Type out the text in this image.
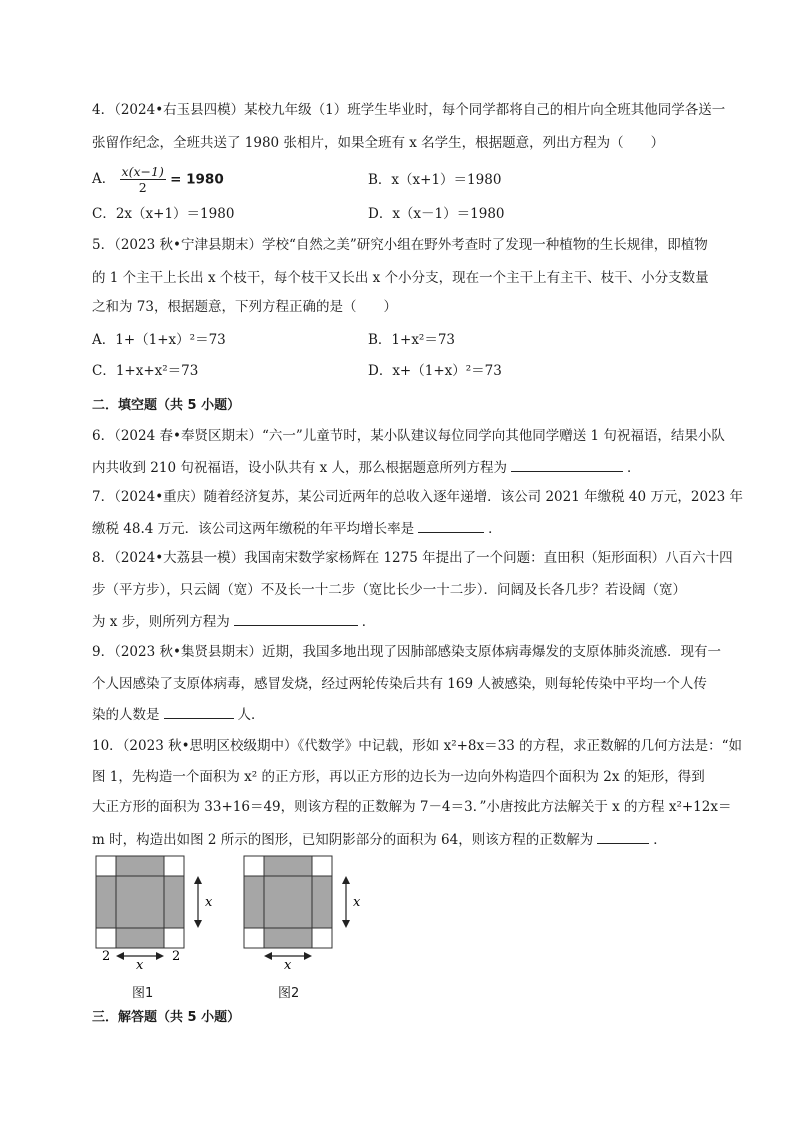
4．（2024•右玉县四模）某校九年级（1）班学生毕业时，每个同学都将自己的相片向全班其他同学各送一
张留作纪念，全班共送了 1980 张相片，如果全班有 x 名学生，根据题意，列出方程为（　　）
A． $\frac{x(x-1)}{2} = 1980$	B．x（x+1）＝1980
C．2x（x+1）＝1980	D．x（x－1）＝1980
5．（2023 秋•宁津县期末）学校“自然之美”研究小组在野外考查时了发现一种植物的生长规律，即植物
的 1 个主干上长出 x 个枝干，每个枝干又长出 x 个小分支，现在一个主干上有主干、枝干、小分支数量
之和为 73，根据题意，下列方程正确的是（　　）
A．1+（1+x）²＝73	B．1+x²＝73
C．1+x+x²＝73	D．x+（1+x）²＝73
二．填空题（共 5 小题）
6．（2024 春•奉贤区期末）“六一”儿童节时，某小队建议每位同学向其他同学赠送 1 句祝福语，结果小队
内共收到 210 句祝福语，设小队共有 x 人，那么根据题意所列方程为	．
7．（2024•重庆）随着经济复苏，某公司近两年的总收入逐年递增．该公司 2021 年缴税 40 万元，2023 年
缴税 48.4 万元．该公司这两年缴税的年平均增长率是	．
8．（2024•大荔县一模）我国南宋数学家杨辉在 1275 年提出了一个问题：直田积（矩形面积）八百六十四
步（平方步），只云阔（宽）不及长一十二步（宽比长少一十二步）．问阔及长各几步？若设阔（宽）
为 x 步，则所列方程为	．
9．（2023 秋•集贤县期末）近期，我国多地出现了因肺部感染支原体病毒爆发的支原体肺炎流感．现有一
个人因感染了支原体病毒，感冒发烧，经过两轮传染后共有 169 人被感染，则每轮传染中平均一个人传
染的人数是	人．
10．（2023 秋•思明区校级期中）《代数学》中记载，形如 x²+8x＝33 的方程，求正数解的几何方法是：“如
图 1，先构造一个面积为 x² 的正方形，再以正方形的边长为一边向外构造四个面积为 2x 的矩形，得到
大正方形的面积为 33+16＝49，则该方程的正数解为 7－4＝3．”小唐按此方法解关于 x 的方程 x²+12x＝
m 时，构造出如图 2 所示的图形，已知阴影部分的面积为 64，则该方程的正数解为	．
x
x
2	2
图1
x
x
图2
三．解答题（共 5 小题）
